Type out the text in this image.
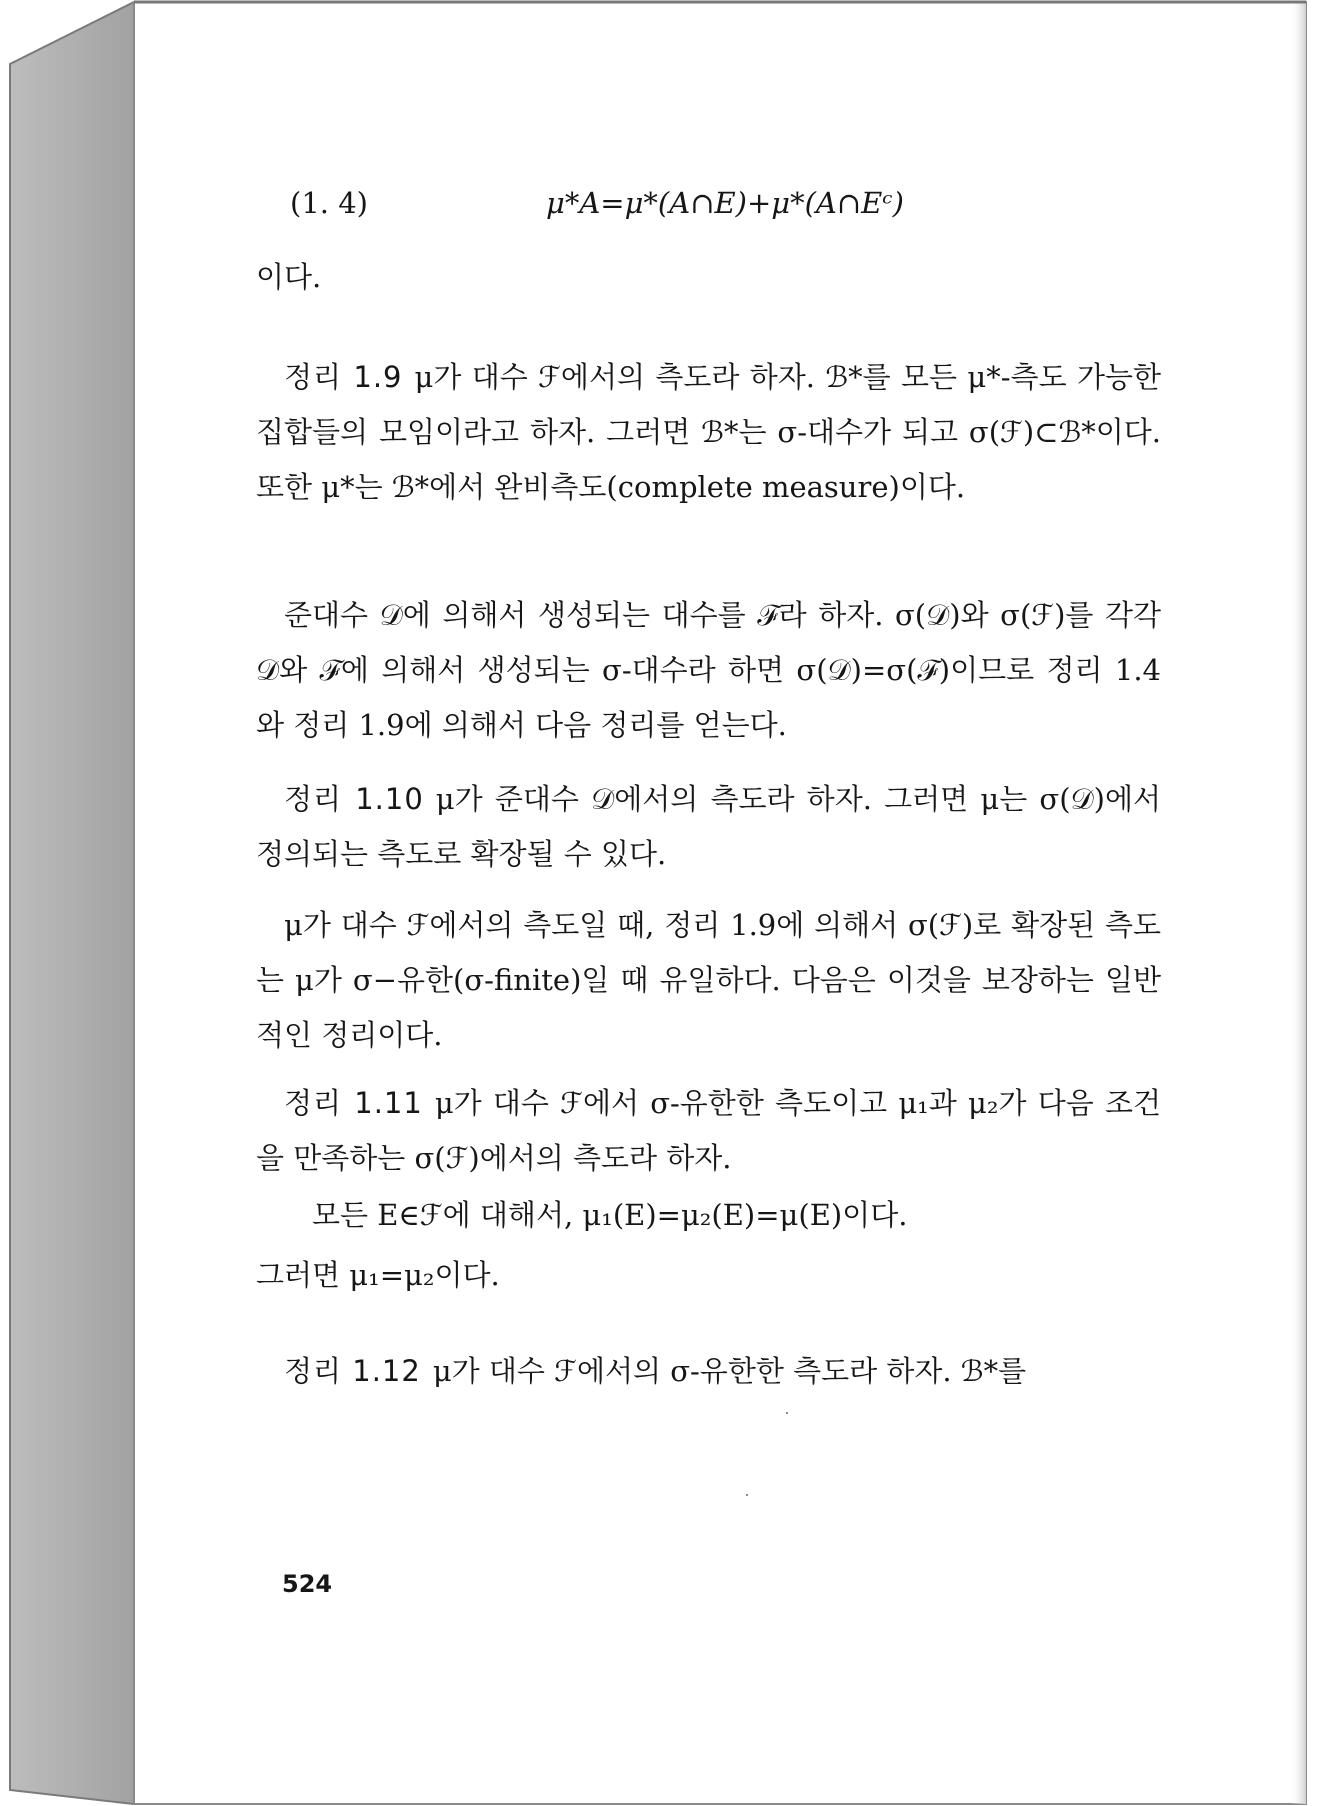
(1. 4)	μ*A=μ*(A∩E)+μ*(A∩Eᶜ)
이다.
정리 1.9 μ가 대수 ℱ에서의 측도라 하자. ℬ*를 모든 μ*-측도 가능한 집합들의 모임이라고 하자. 그러면 ℬ*는 σ-대수가 되고 σ(ℱ)⊂ℬ*이다. 또한 μ*는 ℬ*에서 완비측도(complete measure)이다.
준대수 𝒟에 의해서 생성되는 대수를 ℱ라 하자. σ(𝒟)와 σ(ℱ)를 각각 𝒟와 ℱ에 의해서 생성되는 σ-대수라 하면 σ(𝒟)=σ(ℱ)이므로 정리 1.4와 정리 1.9에 의해서 다음 정리를 얻는다.
정리 1.10 μ가 준대수 𝒟에서의 측도라 하자. 그러면 μ는 σ(𝒟)에서 정의되는 측도로 확장될 수 있다.
μ가 대수 ℱ에서의 측도일 때, 정리 1.9에 의해서 σ(ℱ)로 확장된 측도는 μ가 σ−유한(σ-finite)일 때 유일하다. 다음은 이것을 보장하는 일반적인 정리이다.
정리 1.11 μ가 대수 ℱ에서 σ-유한한 측도이고 μ₁과 μ₂가 다음 조건을 만족하는 σ(ℱ)에서의 측도라 하자.
모든 E∈ℱ에 대해서, μ₁(E)=μ₂(E)=μ(E)이다.
그러면 μ₁=μ₂이다.
정리 1.12 μ가 대수 ℱ에서의 σ-유한한 측도라 하자. ℬ*를
524
